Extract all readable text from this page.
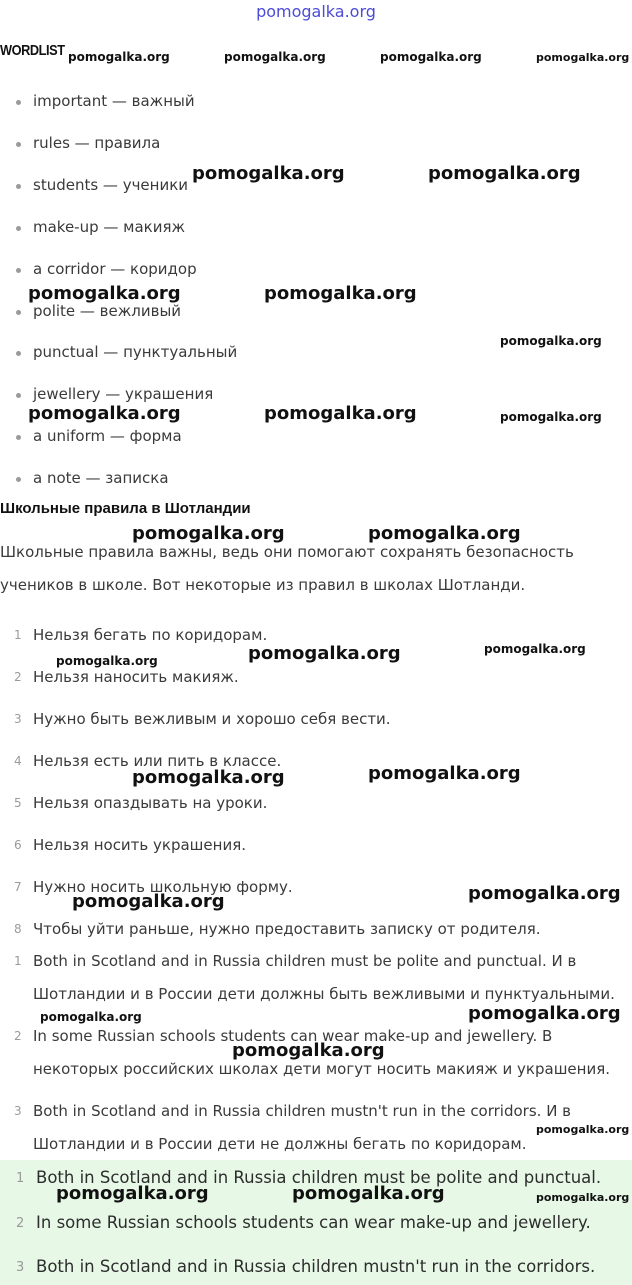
pomogalka.org
WORDLIST
important — важный
rules — правила
students — ученики
make-up — макияж
a corridor — коридор
polite — вежливый
punctual — пунктуальный
jewellery — украшения
a uniform — форма
a note — записка
Школьные правила в Шотландии
Школьные правила важны, ведь они помогают сохранять безопасность
учеников в школе. Вот некоторые из правил в школах Шотланди.
1 Нельзя бегать по коридорам.
2 Нельзя наносить макияж.
3 Нужно быть вежливым и хорошо себя вести.
4 Нельзя есть или пить в классе.
5 Нельзя опаздывать на уроки.
6 Нельзя носить украшения.
7 Нужно носить школьную форму.
8 Чтобы уйти раньше, нужно предоставить записку от родителя.
1 Both in Scotland and in Russia children must be polite and punctual. И в
Шотландии и в России дети должны быть вежливыми и пунктуальными.
2 In some Russian schools students can wear make-up and jewellery. В
некоторых российских школах дети могут носить макияж и украшения.
3 Both in Scotland and in Russia children mustn't run in the corridors. И в
Шотландии и в России дети не должны бегать по коридорам.
1 Both in Scotland and in Russia children must be polite and punctual.
2 In some Russian schools students can wear make-up and jewellery.
3 Both in Scotland and in Russia children mustn't run in the corridors.
pomogalka.org	pomogalka.org	pomogalka.org	pomogalka.org
pomogalka.org	pomogalka.org
pomogalka.org	pomogalka.org
pomogalka.org
pomogalka.org	pomogalka.org	pomogalka.org
pomogalka.org	pomogalka.org
pomogalka.org	pomogalka.org
pomogalka.org
pomogalka.org	pomogalka.org
pomogalka.org
pomogalka.org
pomogalka.org
pomogalka.org
pomogalka.org
pomogalka.org
pomogalka.org	pomogalka.org	pomogalka.org
